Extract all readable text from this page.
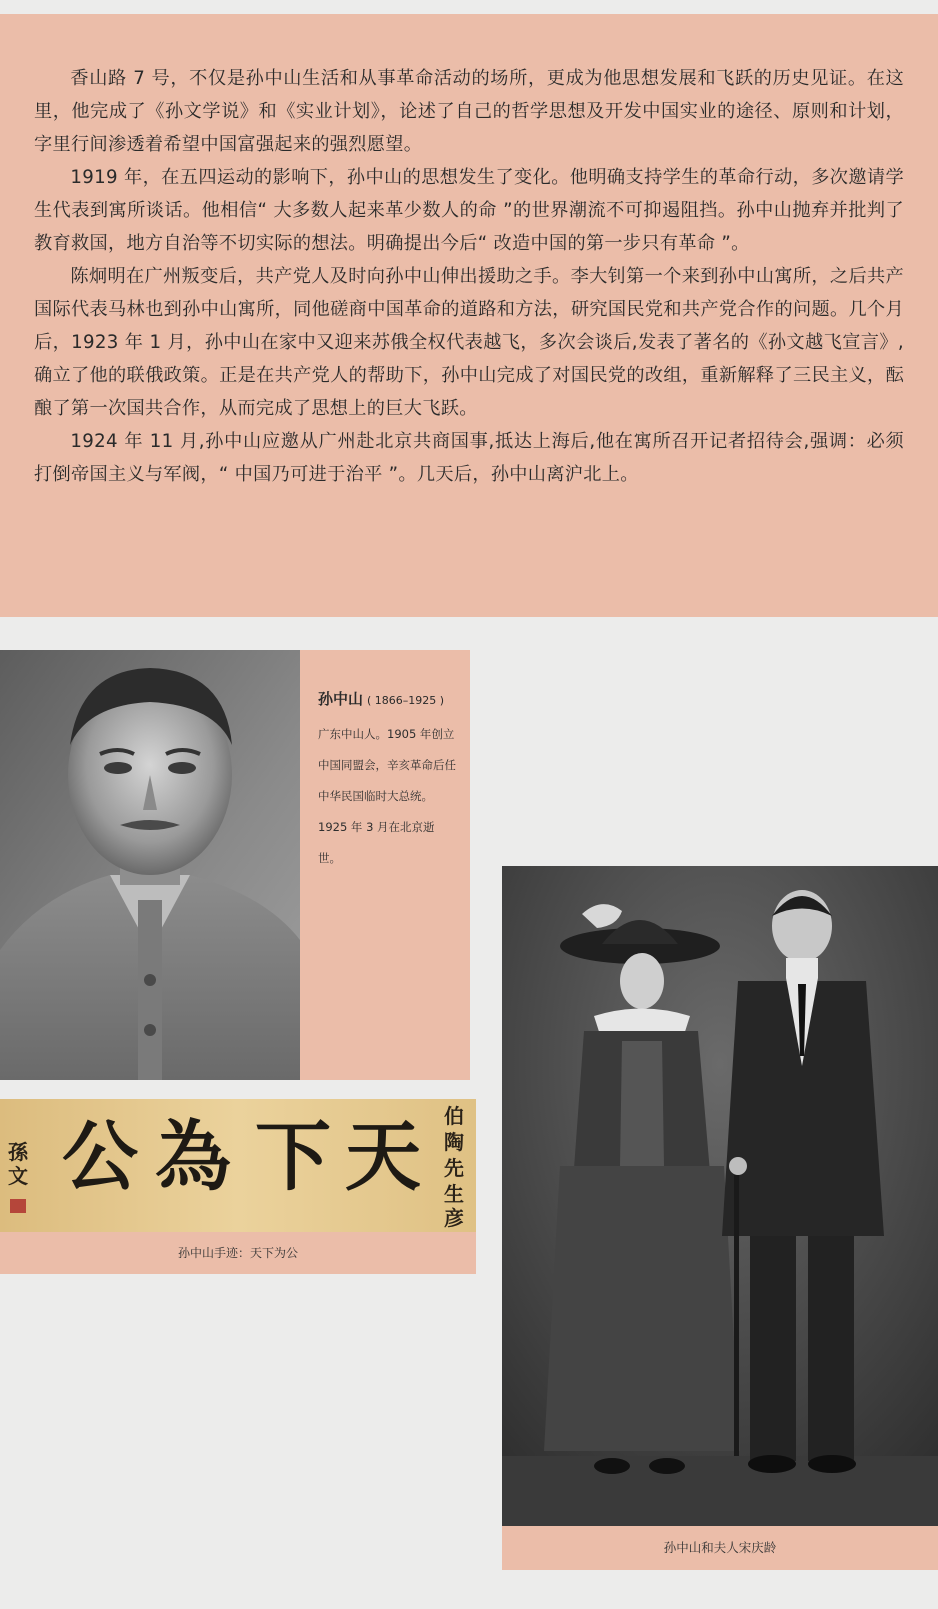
香山路 7 号，不仅是孙中山生活和从事革命活动的场所，更成为他思想发展和飞跃的历史见证。在这里，他完成了《孙文学说》和《实业计划》，论述了自己的哲学思想及开发中国实业的途径、原则和计划，字里行间渗透着希望中国富强起来的强烈愿望。

1919 年，在五四运动的影响下，孙中山的思想发生了变化。他明确支持学生的革命行动，多次邀请学生代表到寓所谈话。他相信“ 大多数人起来革少数人的命 ”的世界潮流不可抑遏阻挡。孙中山抛弃并批判了教育救国，地方自治等不切实际的想法。明确提出今后“ 改造中国的第一步只有革命 ”。

陈炯明在广州叛变后，共产党人及时向孙中山伸出援助之手。李大钊第一个来到孙中山寓所，之后共产国际代表马林也到孙中山寓所，同他磋商中国革命的道路和方法，研究国民党和共产党合作的问题。几个月后，1923 年 1 月，孙中山在家中又迎来苏俄全权代表越飞，多次会谈后,发表了著名的《孙文越飞宣言》,确立了他的联俄政策。正是在共产党人的帮助下，孙中山完成了对国民党的改组，重新解释了三民主义，酝酿了第一次国共合作，从而完成了思想上的巨大飞跃。

1924 年 11 月,孙中山应邀从广州赴北京共商国事,抵达上海后,他在寓所召开记者招待会,强调：必须打倒帝国主义与军阀，“ 中国乃可进于治平 ”。几天后，孙中山离沪北上。

孙中山 ( 1866–1925 )
广东中山人。1905 年创立中国同盟会，辛亥革命后任中华民国临时大总统。1925 年 3 月在北京逝世。
孫
文
伯
陶
先
生
彦
天
下
為
公
孙中山手迹：天下为公
孙中山和夫人宋庆龄
